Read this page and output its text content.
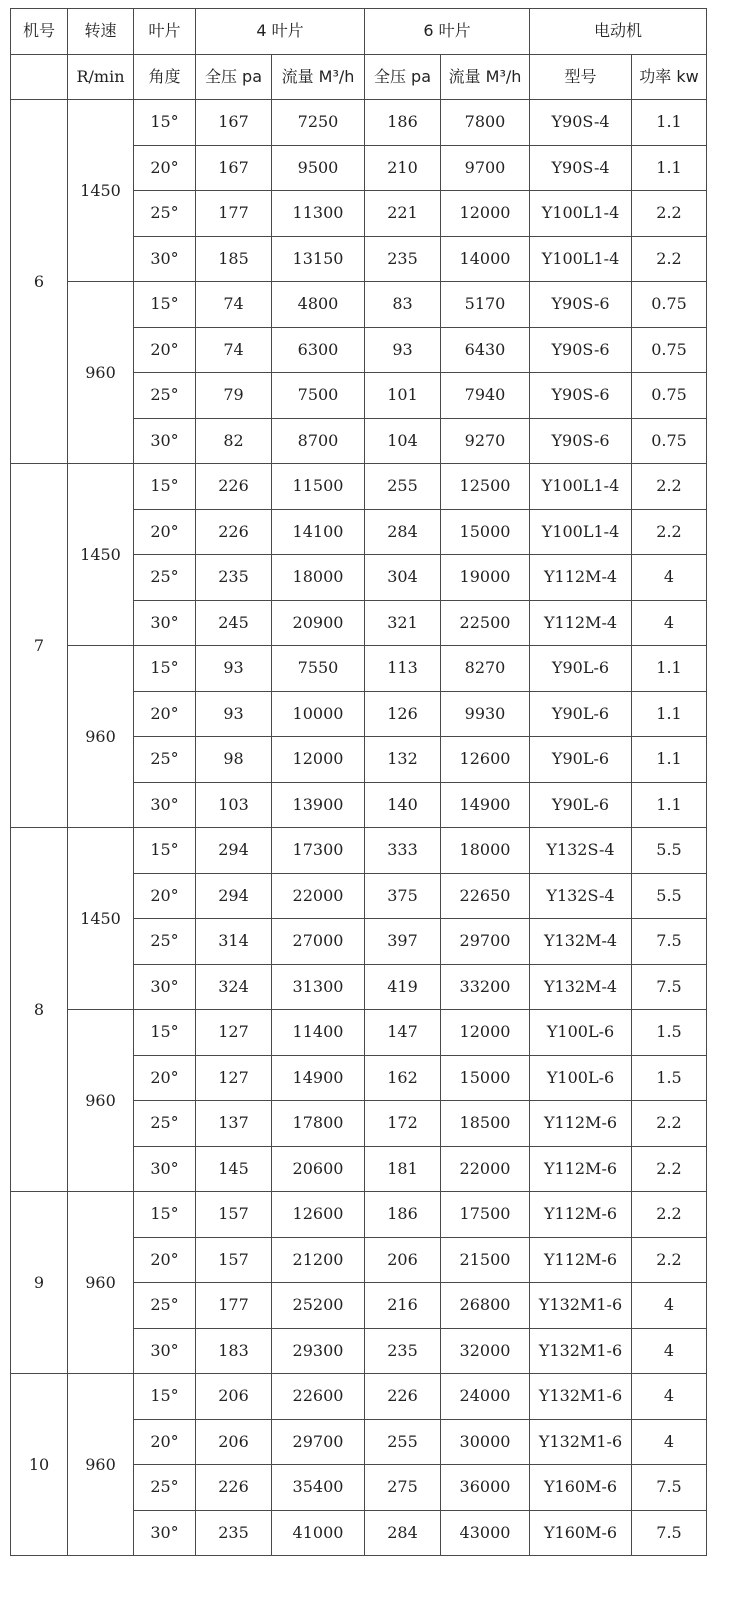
机号	转速	叶片	4 叶片		6 叶片		电动机	
	R/min	角度	全压 pa	流量 M³/h	全压 pa	流量 M³/h	型号	功率 kw
6	1450	15°	167	7250	186	7800	Y90S-4	1.1
		20°	167	9500	210	9700	Y90S-4	1.1
		25°	177	11300	221	12000	Y100L1-4	2.2
		30°	185	13150	235	14000	Y100L1-4	2.2
	960	15°	74	4800	83	5170	Y90S-6	0.75
		20°	74	6300	93	6430	Y90S-6	0.75
		25°	79	7500	101	7940	Y90S-6	0.75
		30°	82	8700	104	9270	Y90S-6	0.75
7	1450	15°	226	11500	255	12500	Y100L1-4	2.2
		20°	226	14100	284	15000	Y100L1-4	2.2
		25°	235	18000	304	19000	Y112M-4	4
		30°	245	20900	321	22500	Y112M-4	4
	960	15°	93	7550	113	8270	Y90L-6	1.1
		20°	93	10000	126	9930	Y90L-6	1.1
		25°	98	12000	132	12600	Y90L-6	1.1
		30°	103	13900	140	14900	Y90L-6	1.1
8	1450	15°	294	17300	333	18000	Y132S-4	5.5
		20°	294	22000	375	22650	Y132S-4	5.5
		25°	314	27000	397	29700	Y132M-4	7.5
		30°	324	31300	419	33200	Y132M-4	7.5
	960	15°	127	11400	147	12000	Y100L-6	1.5
		20°	127	14900	162	15000	Y100L-6	1.5
		25°	137	17800	172	18500	Y112M-6	2.2
		30°	145	20600	181	22000	Y112M-6	2.2
9	960	15°	157	12600	186	17500	Y112M-6	2.2
		20°	157	21200	206	21500	Y112M-6	2.2
		25°	177	25200	216	26800	Y132M1-6	4
		30°	183	29300	235	32000	Y132M1-6	4
10	960	15°	206	22600	226	24000	Y132M1-6	4
		20°	206	29700	255	30000	Y132M1-6	4
		25°	226	35400	275	36000	Y160M-6	7.5
		30°	235	41000	284	43000	Y160M-6	7.5
